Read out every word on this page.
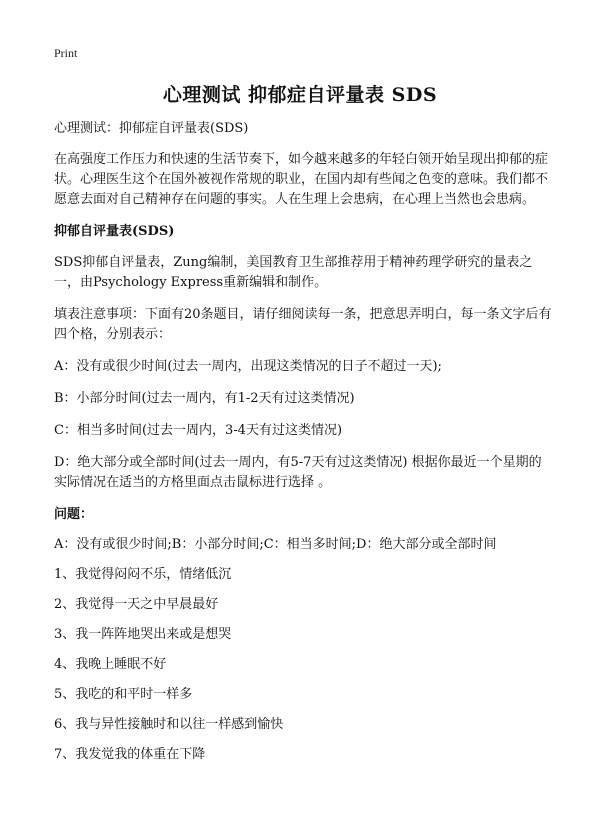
Print
心理测试 抑郁症自评量表 SDS

心理测试：抑郁症自评量表(SDS)

在高强度工作压力和快速的生活节奏下，如今越来越多的年轻白领开始呈现出抑郁的症状。心理医生这个在国外被视作常规的职业，在国内却有些闻之色变的意味。我们都不愿意去面对自己精神存在问题的事实。人在生理上会患病，在心理上当然也会患病。

抑郁自评量表(SDS)

SDS抑郁自评量表，Zung编制，美国教育卫生部推荐用于精神药理学研究的量表之一，由Psychology Express重新编辑和制作。

填表注意事项：下面有20条题目，请仔细阅读每一条，把意思弄明白，每一条文字后有四个格，分别表示：

A：没有或很少时间(过去一周内，出现这类情况的日子不超过一天);

B：小部分时间(过去一周内，有1-2天有过这类情况)

C：相当多时间(过去一周内，3-4天有过这类情况)

D：绝大部分或全部时间(过去一周内，有5-7天有过这类情况) 根据你最近一个星期的实际情况在适当的方格里面点击鼠标进行选择 。

问题：

A：没有或很少时间;B：小部分时间;C：相当多时间;D：绝大部分或全部时间

1、我觉得闷闷不乐，情绪低沉
2、我觉得一天之中早晨最好
3、我一阵阵地哭出来或是想哭
4、我晚上睡眠不好
5、我吃的和平时一样多
6、我与异性接触时和以往一样感到愉快
7、我发觉我的体重在下降
